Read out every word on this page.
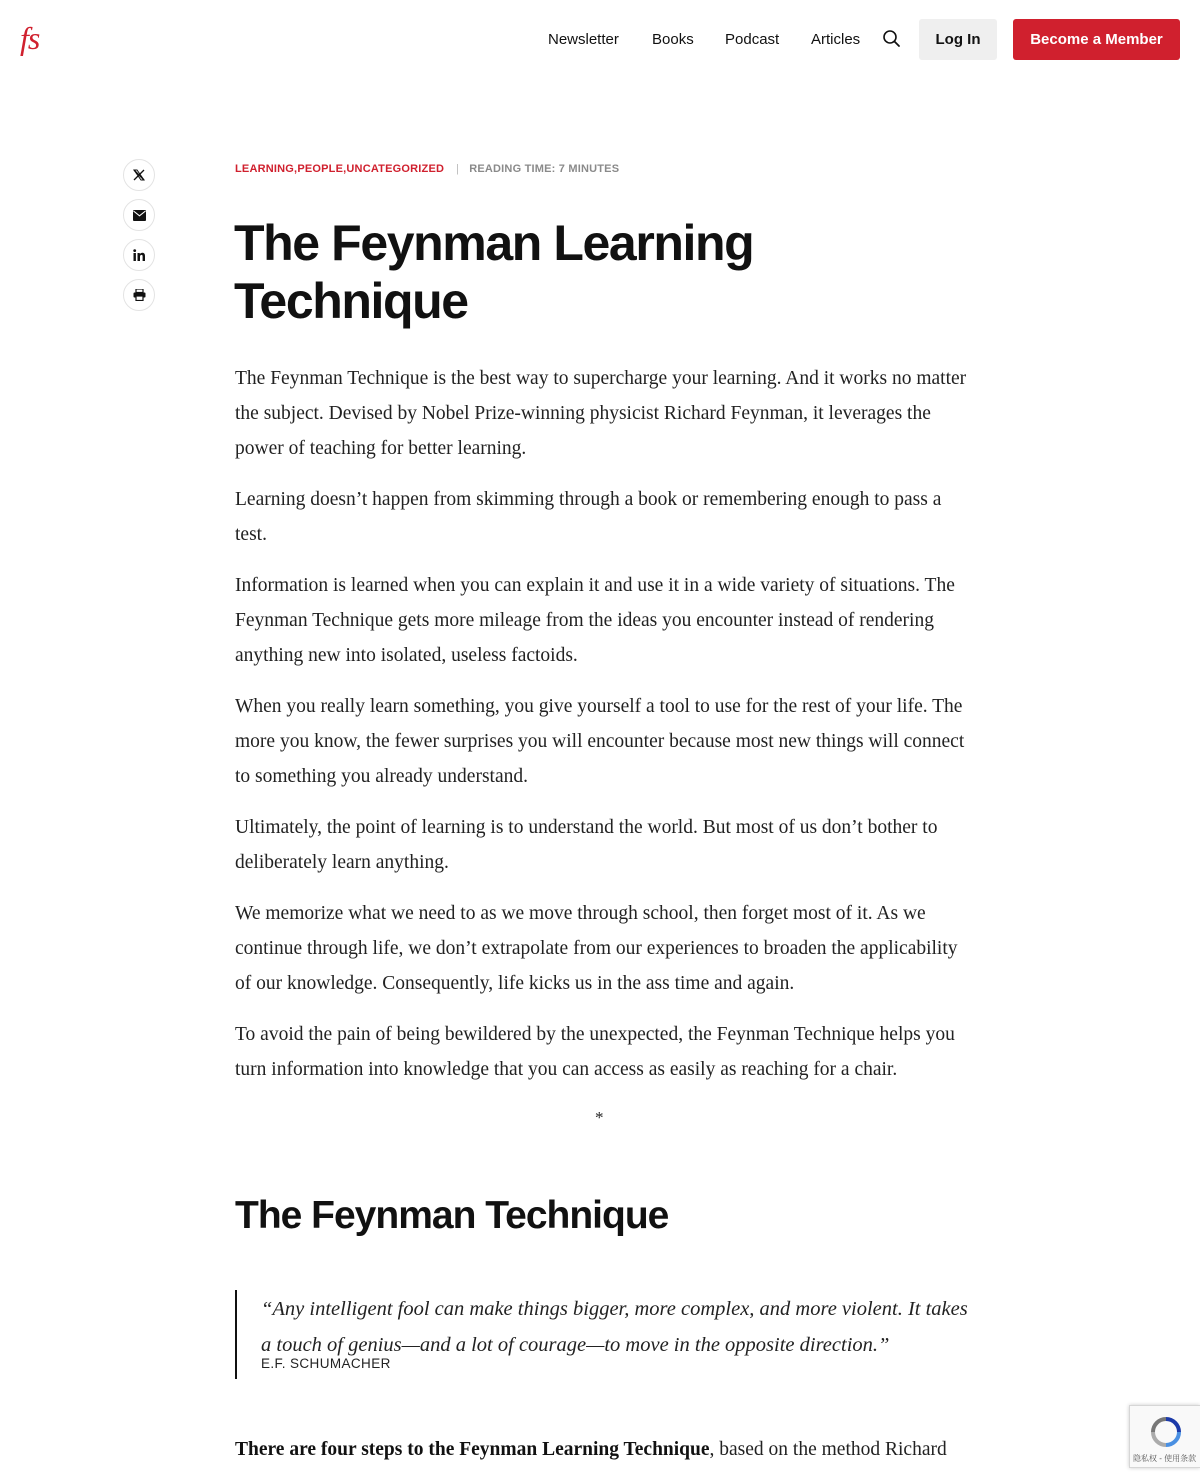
fs	Newsletter Books Podcast Articles	Log In	Become a Member
LEARNING,PEOPLE,UNCATEGORIZED | READING TIME: 7 MINUTES
The Feynman Learning Technique

The Feynman Technique is the best way to supercharge your learning. And it works no matter the subject. Devised by Nobel Prize-winning physicist Richard Feynman, it leverages the power of teaching for better learning.

Learning doesn’t happen from skimming through a book or remembering enough to pass a test.

Information is learned when you can explain it and use it in a wide variety of situations. The Feynman Technique gets more mileage from the ideas you encounter instead of rendering anything new into isolated, useless factoids.

When you really learn something, you give yourself a tool to use for the rest of your life. The more you know, the fewer surprises you will encounter because most new things will connect to something you already understand.

Ultimately, the point of learning is to understand the world. But most of us don’t bother to deliberately learn anything.

We memorize what we need to as we move through school, then forget most of it. As we continue through life, we don’t extrapolate from our experiences to broaden the applicability of our knowledge. Consequently, life kicks us in the ass time and again.

To avoid the pain of being bewildered by the unexpected, the Feynman Technique helps you turn information into knowledge that you can access as easily as reaching for a chair.

*
The Feynman Technique
“Any intelligent fool can make things bigger, more complex, and more violent. It takes a touch of genius—and a lot of courage—to move in the opposite direction.”
E.F. SCHUMACHER
There are four steps to the Feynman Learning Technique, based on the method Richard	隐私权 - 使用条款
